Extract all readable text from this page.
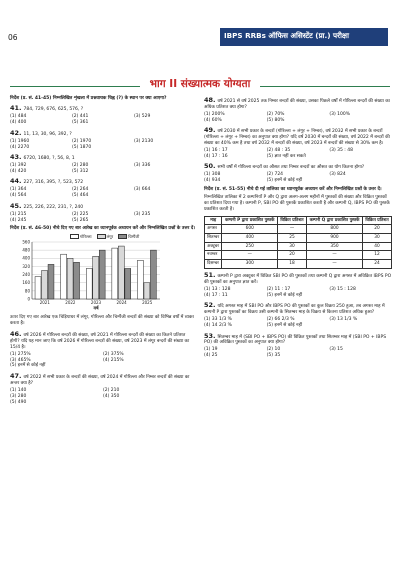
06	IBPS RRBs ऑफिस असिस्टेंट (प्रा.) परीक्षा
भाग II संख्यात्मक योग्यता
निर्देश (प्र. सं. 41-45) निम्नलिखित शृंखला में प्रश्नवाचक चिह्न (?) के स्थान पर क्या आएगा?
41. 784, 729, 676, 625, 576, ?
(1) 484	(2) 441	(3) 529
(4) 400	(5) 361
42. 11, 13, 30, 96, 392, ?
(1) 1960	(2) 1970	(3) 2130
(4) 2270	(5) 1870
43. 6720, 1680, ?, 56, 8, 1
(1) 392	(2) 280	(3) 336
(4) 420	(5) 312
44. 227, 316, 395, ?, 523, 572
(1) 364	(2) 264	(3) 664
(4) 564	(5) 464
45. 225, 226, 222, 231, ?, 240
(1) 215	(2) 225	(3) 235
(4) 245	(5) 265
निर्देश (प्र. सं. 46-50) नीचे दिए गए बार आरेख का ध्यानपूर्वक अध्ययन करें और निम्नलिखित प्रश्नों के उत्तर दें।
गोरिल्ला	लंगूर	चिम्पैंजी
560
480
400
320
240
160
80
0
2021	2022	2023	2024	2025
वर्ष
ऊपर दिए गए बार आरेख एक चिड़ियाघर में लंगूर, गोरिल्ला और चिम्पैंजी बन्दरों की संख्या को विभिन्न वर्षों में व्यक्त करता है।
46. वर्ष 2026 में गोरिल्ला बन्दरों की संख्या, वर्ष 2021 में गोरिल्ला बन्दरों की संख्या का कितने प्रतिशत होगी? यदि यह मान जाए कि वर्ष 2026 में गोरिल्ला बन्दरों की संख्या, वर्ष 2023 में लंगूर बन्दरों की संख्या का 15/4 है।
(1) 275%	(2) 375%
(3) 465%	(4) 215%
(5) इनमें से कोई नहीं
47. वर्ष 2022 में सभी प्रकार के बन्दरों की संख्या, वर्ष 2024 में गोरिल्ला और निम्बर बन्दरों की संख्या का अन्तर क्या है?
(1) 140	(2) 210
(3) 280	(4) 350
(5) 490
48. वर्ष 2021 से वर्ष 2025 तक निम्बर बन्दरों की संख्या, उसका पिछले वर्षों में गोरिल्ला बन्दरों की संख्या का अधिक प्रतिशत क्या होगा?
(1) 200%	(2) 70%	(3) 100%
(4) 60%	(5) 80%
49. वर्ष 2030 में सभी प्रकार के बन्दरों (गोरिल्ला + लंगूर + निम्बर), वर्ष 2032 में सभी प्रकार के बन्दरों (गोरिल्ला + लंगूर + निम्बर) का अनुपात क्या होगा? यदि वर्ष 2030 में बन्दरों की संख्या, वर्ष 2022 में बन्दरों की संख्या का 40% कम है तथा वर्ष 2032 में बन्दरों की संख्या, वर्ष 2023 में बन्दरों की संख्या से 30% कम है।
(1) 16 : 17	(2) 48 : 35	(3) 35 : 48
(4) 17 : 16	(5) ज्ञात नहीं कर सकते
50. सभी वर्षों में गोरिल्ला बन्दरों का औसत तथा निम्बर बन्दरों का औसत का योग कितना होगा?
(1) 308	(2) 724	(3) 824
(4) 934	(5) इनमें से कोई नहीं
निर्देश (प्र. सं. 51-55) नीचे दी गई तालिका का ध्यानपूर्वक अध्ययन करें और निम्नलिखित प्रश्नों के उत्तर दें।
निम्नलिखित तालिका में 2 कम्पनियाँ P और Q द्वारा अलग-अलग महीनों में पुस्तकों की संख्या और विक्रित पुस्तकों का प्रतिशत दिया गया है। कम्पनी P, SBI PO की पुस्तकें प्रकाशित करती है और कम्पनी Q, IBPS PO की पुस्तकें प्रकाशित करती है।
माह	कम्पनी P द्वारा प्रकाशित पुस्तकें	विक्रित प्रतिशत	कम्पनी Q द्वारा प्रकाशित पुस्तकें	विक्रित प्रतिशत
अगस्त	600	—	800	20
सितम्बर	400	25	900	30
अक्टूबर	250	30	350	40
नवम्बर	—	20	—	12
दिसम्बर	300	18	—	24
51. कम्पनी P द्वारा अक्टूबर में विक्रित SBI PO की पुस्तकों तथा कम्पनी Q द्वारा अगस्त में अविक्रित IBPS PO की पुस्तकों का अनुपात ज्ञात करें।
(1) 13 : 128	(2) 11 : 17	(3) 15 : 128
(4) 17 : 11	(5) इनमें से कोई नहीं
52. यदि अगस्त माह में SBI PO और IBPS PO की पुस्तकों का कुल विक्रय 250 हुआ, तब अगस्त माह में कम्पनी P द्वारा पुस्तकों का विक्रय उसी कम्पनी के सितम्बर माह के विक्रय से कितना प्रतिशत अधिक हुआ?
(1) 33 1/3 %	(2) 66 2/3 %	(3) 13 1/3 %
(4) 14 2/3 %	(5) इनमें से कोई नहीं
53. सितम्बर माह में (SBI PO + IBPS PO) की विक्रित पुस्तकों तथा सितम्बर माह में (SBI PO + IBPS PO) की अविक्रित पुस्तकों का अनुपात क्या होगा?
(1) 19	(2) 10	(3) 15
(4) 25	(5) 35
